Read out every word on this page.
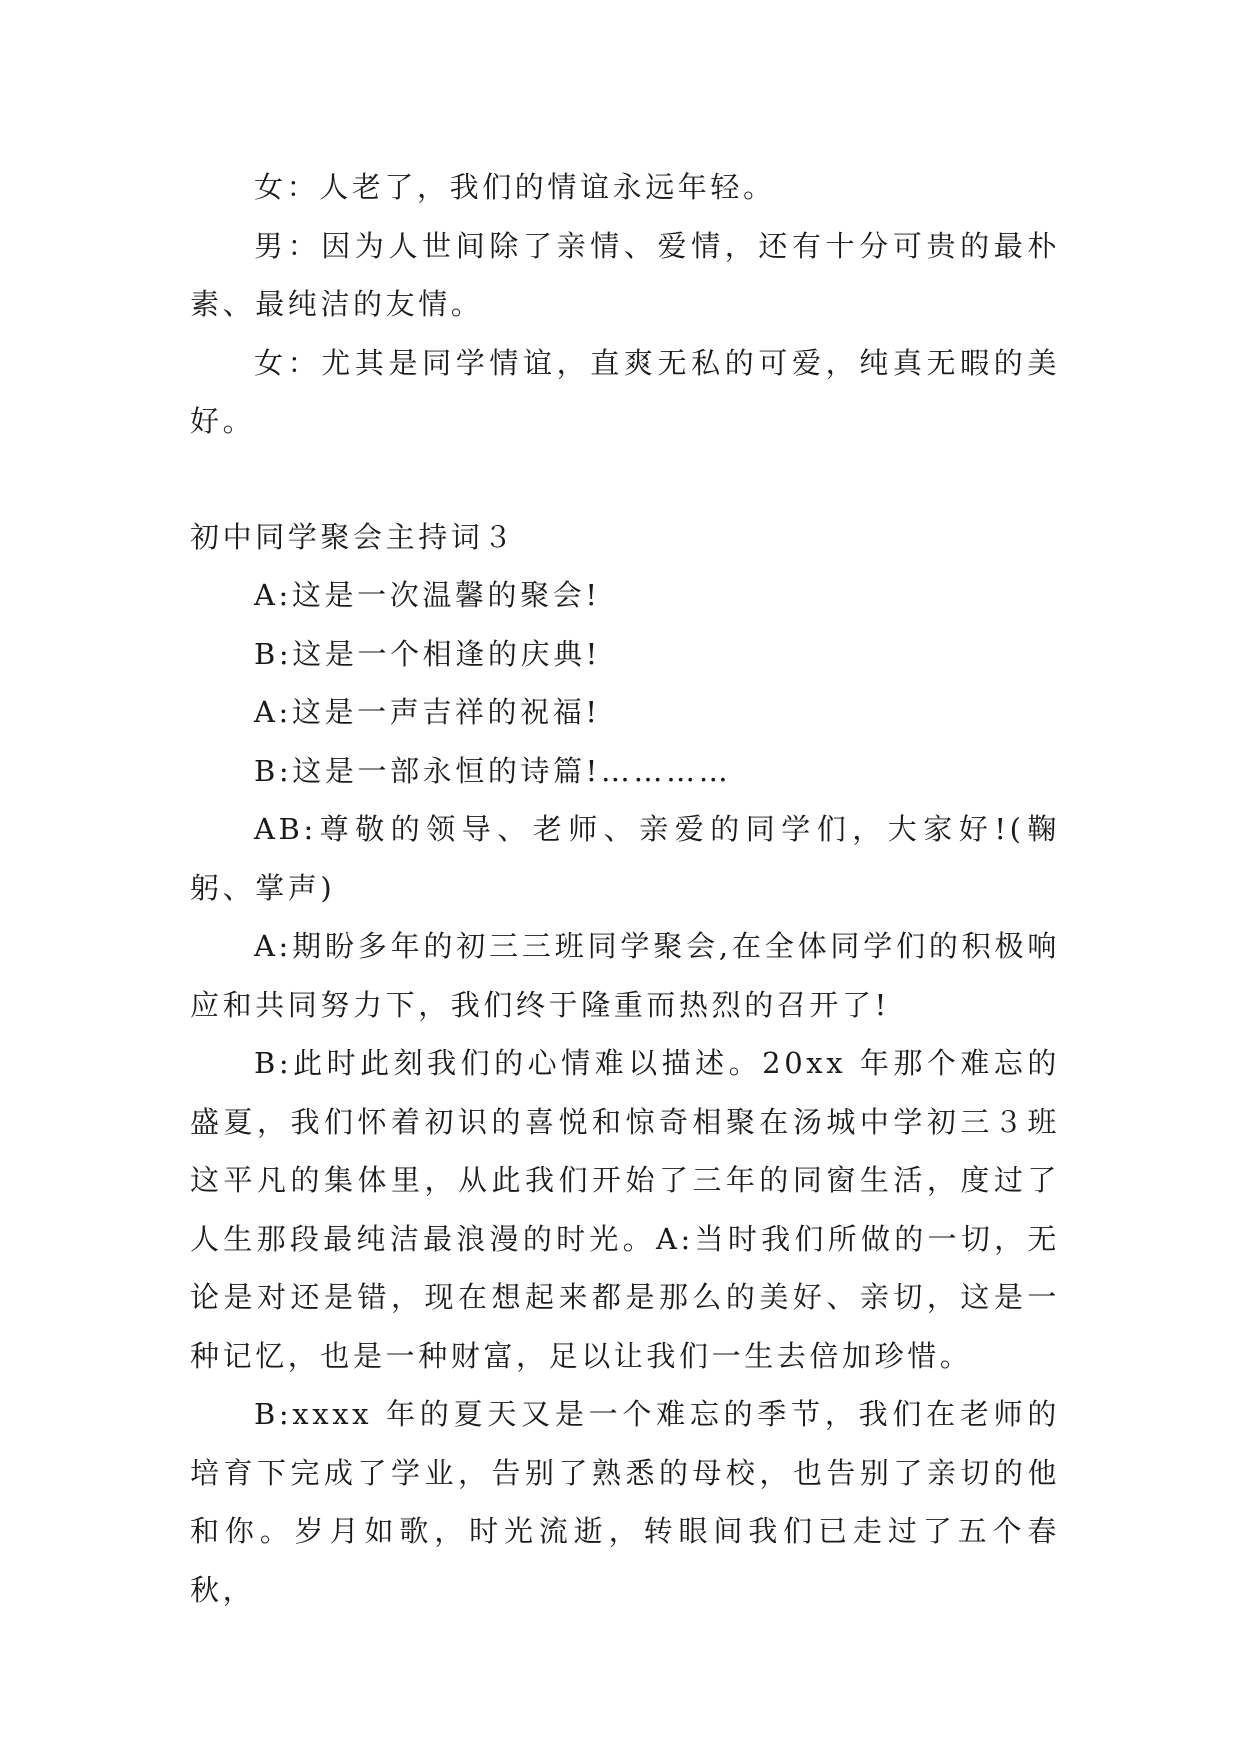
女：人老了，我们的情谊永远年轻。

男：因为人世间除了亲情、爱情，还有十分可贵的最朴素、最纯洁的友情。

女：尤其是同学情谊，直爽无私的可爱，纯真无暇的美好。

初中同学聚会主持词３

A:这是一次温馨的聚会!

B:这是一个相逢的庆典!

A:这是一声吉祥的祝福!

B:这是一部永恒的诗篇!…………

AB:尊敬的领导、老师、亲爱的同学们，大家好!(鞠躬、掌声)

A:期盼多年的初三三班同学聚会,在全体同学们的积极响应和共同努力下，我们终于隆重而热烈的召开了!

B:此时此刻我们的心情难以描述。20xx 年那个难忘的盛夏，我们怀着初识的喜悦和惊奇相聚在汤城中学初三３班这平凡的集体里，从此我们开始了三年的同窗生活，度过了人生那段最纯洁最浪漫的时光。A:当时我们所做的一切，无论是对还是错，现在想起来都是那么的美好、亲切，这是一种记忆，也是一种财富，足以让我们一生去倍加珍惜。

B:xxxx 年的夏天又是一个难忘的季节，我们在老师的培育下完成了学业，告别了熟悉的母校，也告别了亲切的他和你。岁月如歌，时光流逝，转眼间我们已走过了五个春秋，
